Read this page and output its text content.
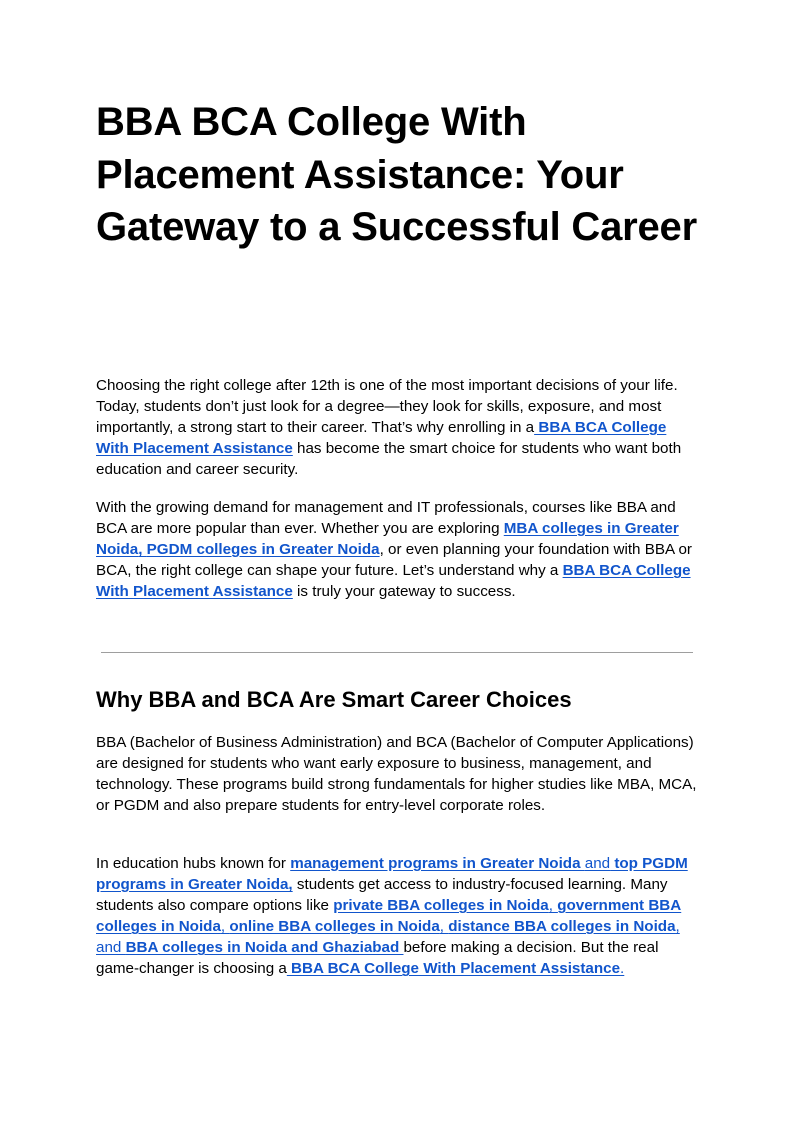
BBA BCA College With Placement Assistance: Your Gateway to a Successful Career

Choosing the right college after 12th is one of the most important decisions of your life. Today, students don’t just look for a degree—they look for skills, exposure, and most importantly, a strong start to their career. That’s why enrolling in a BBA BCA College With Placement Assistance has become the smart choice for students who want both education and career security.

With the growing demand for management and IT professionals, courses like BBA and BCA are more popular than ever. Whether you are exploring MBA colleges in Greater Noida, PGDM colleges in Greater Noida, or even planning your foundation with BBA or BCA, the right college can shape your future. Let’s understand why a BBA BCA College With Placement Assistance is truly your gateway to success.

Why BBA and BCA Are Smart Career Choices

BBA (Bachelor of Business Administration) and BCA (Bachelor of Computer Applications) are designed for students who want early exposure to business, management, and technology. These programs build strong fundamentals for higher studies like MBA, MCA, or PGDM and also prepare students for entry-level corporate roles.

In education hubs known for management programs in Greater Noida and top PGDM programs in Greater Noida, students get access to industry-focused learning. Many students also compare options like private BBA colleges in Noida, government BBA colleges in Noida, online BBA colleges in Noida, distance BBA colleges in Noida, and BBA colleges in Noida and Ghaziabad before making a decision. But the real game-changer is choosing a BBA BCA College With Placement Assistance.
